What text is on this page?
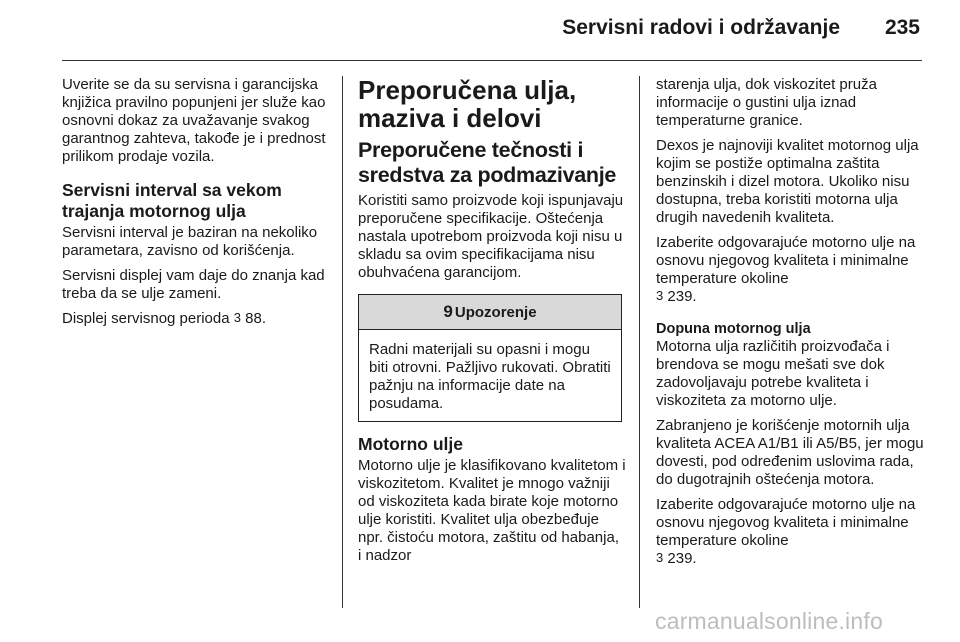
Servisni radovi i održavanje	235

Uverite se da su servisna i garancijska knjižica pravilno popunjeni jer služe kao osnovni dokaz za uvažavanje svakog garantnog zahteva, takođe je i prednost prilikom prodaje vozila.

Servisni interval sa vekom trajanja motornog ulja

Servisni interval je baziran na nekoliko parametara, zavisno od korišćenja.

Servisni displej vam daje do znanja kad treba da se ulje zameni.

Displej servisnog perioda 3 88.

Preporučena ulja, maziva i delovi
Preporučene tečnosti i sredstva za podmazivanje

Koristiti samo proizvode koji ispunjavaju preporučene specifikacije. Oštećenja nastala upotrebom proizvoda koji nisu u skladu sa ovim specifikacijama nisu obuhvaćena garancijom.

9 Upozorenje

Radni materijali su opasni i mogu biti otrovni. Pažljivo rukovati. Obratiti pažnju na informacije date na posudama.

Motorno ulje

Motorno ulje je klasifikovano kvalitetom i viskozitetom. Kvalitet je mnogo važniji od viskoziteta kada birate koje motorno ulje koristiti. Kvalitet ulja obezbeđuje npr. čistoću motora, zaštitu od habanja, i nadzor

starenja ulja, dok viskozitet pruža informacije o gustini ulja iznad temperaturne granice.

Dexos je najnoviji kvalitet motornog ulja kojim se postiže optimalna zaštita benzinskih i dizel motora. Ukoliko nisu dostupna, treba koristiti motorna ulja drugih navedenih kvaliteta.

Izaberite odgovarajuće motorno ulje na osnovu njegovog kvaliteta i minimalne temperature okoline
3 239.

Dopuna motornog ulja

Motorna ulja različitih proizvođača i brendova se mogu mešati sve dok zadovoljavaju potrebe kvaliteta i viskoziteta za motorno ulje.

Zabranjeno je korišćenje motornih ulja kvaliteta ACEA A1/B1 ili A5/B5, jer mogu dovesti, pod određenim uslovima rada, do dugotrajnih oštećenja motora.

Izaberite odgovarajuće motorno ulje na osnovu njegovog kvaliteta i minimalne temperature okoline
3 239.

carmanualsonline.info
